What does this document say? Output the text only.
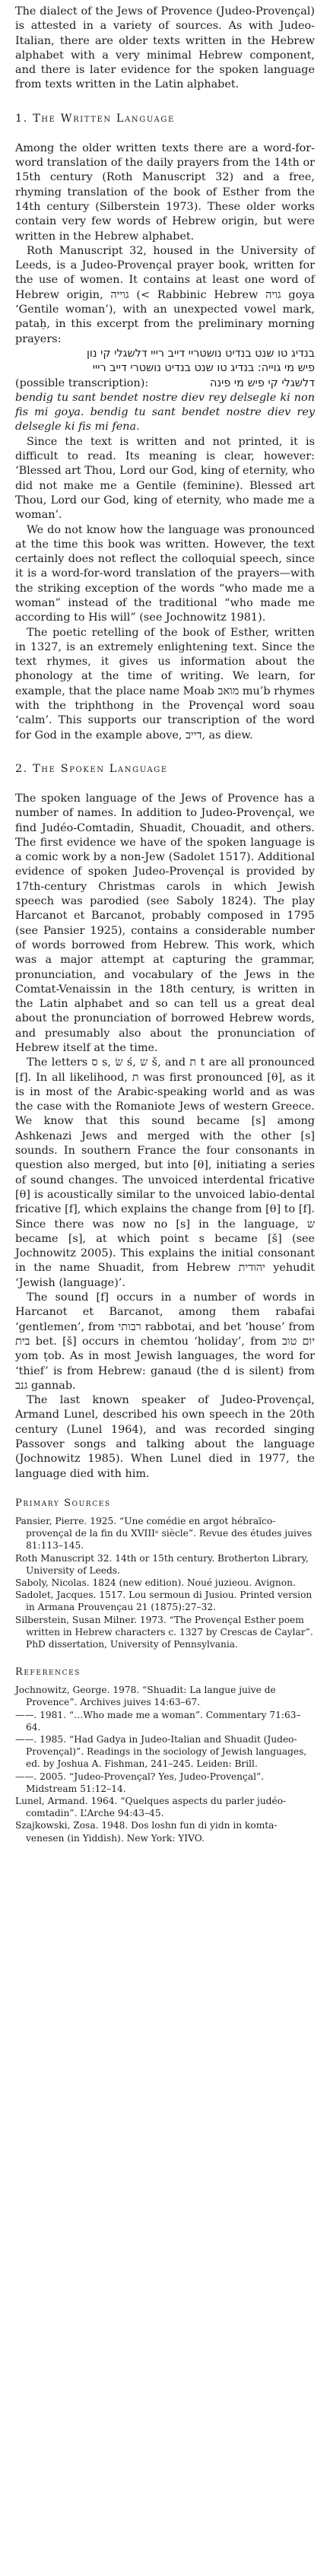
The dialect of the Jews of Provence (Judeo-Provençal) is attested in a variety of sources. As with Judeo-Italian, there are older texts written in the Hebrew alphabet with a very minimal Hebrew component, and there is later evidence for the spoken language from texts written in the Latin alphabet.

1. The Written Language

Among the older written texts there are a word-for-word translation of the daily prayers from the 14th or 15th century (Roth Manuscript 32) and a free, rhyming translation of the book of Esther from the 14th century (Silberstein 1973). These older works contain very few words of Hebrew origin, but were written in the Hebrew alphabet.

Roth Manuscript 32, housed in the University of Leeds, is a Judeo-Provençal prayer book, written for the use of women. It contains at least one word of Hebrew origin, גוייה (< Rabbinic Hebrew גויה goya ‘Gentile woman’), with an unexpected vowel mark, pataḥ, in this excerpt from the preliminary morning prayers:

בנדיג טו שנט בנדיט נושטריי דייב רייי דלשגלי קי נון
פיש מי גוייה: בנדיג טו שנט בנדיט נושטרי דייב רייי
(possible transcription):	דלשגלי קי פיש מי פינה
bendig tu sant bendet nostre diev rey delsegle ki non fis mi goya. bendig tu sant bendet nostre diev rey delsegle ki fis mi fena.

Since the text is written and not printed, it is difficult to read. Its meaning is clear, however: ‘Blessed art Thou, Lord our God, king of eternity, who did not make me a Gentile (feminine). Blessed art Thou, Lord our God, king of eternity, who made me a woman’.

We do not know how the language was pronounced at the time this book was written. However, the text certainly does not reflect the colloquial speech, since it is a word-for-word translation of the prayers—with the striking exception of the words “who made me a woman” instead of the traditional “who made me according to His will” (see Jochnowitz 1981).

The poetic retelling of the book of Esther, written in 1327, is an extremely enlightening text. Since the text rhymes, it gives us information about the phonology at the time of writing. We learn, for example, that the place name Moab מואב mu’b rhymes with the triphthong in the Provençal word soau ‘calm’. This supports our transcription of the word for God in the example above, דייב, as diew.

2. The Spoken Language

The spoken language of the Jews of Provence has a number of names. In addition to Judeo-Provençal, we find Judéo-Comtadin, Shuadit, Chouadit, and others. The first evidence we have of the spoken language is a comic work by a non-Jew (Sadolet 1517). Additional evidence of spoken Judeo-Provençal is provided by 17th-century Christmas carols in which Jewish speech was parodied (see Saboly 1824). The play Harcanot et Barcanot, probably composed in 1795 (see Pansier 1925), contains a considerable number of words borrowed from Hebrew. This work, which was a major attempt at capturing the grammar, pronunciation, and vocabulary of the Jews in the Comtat-Venaissin in the 18th century, is written in the Latin alphabet and so can tell us a great deal about the pronunciation of borrowed Hebrew words, and presumably also about the pronunciation of Hebrew itself at the time.

The letters ס s, שׂ ś, ש š, and ת t are all pronounced [f]. In all likelihood, ת was first pronounced [θ], as it is in most of the Arabic-speaking world and as was the case with the Romaniote Jews of western Greece. We know that this sound became [s] among Ashkenazi Jews and merged with the other [s] sounds. In southern France the four consonants in question also merged, but into [θ], initiating a series of sound changes. The unvoiced interdental fricative [θ] is acoustically similar to the unvoiced labio-dental fricative [f], which explains the change from [θ] to [f]. Since there was now no [s] in the language, ש became [s], at which point s became [š] (see Jochnowitz 2005). This explains the initial consonant in the name Shuadit, from Hebrew יהודית yehudit ‘Jewish (language)’.

The sound [f] occurs in a number of words in Harcanot et Barcanot, among them rabafai ‘gentlemen’, from רבותי rabbotai, and bet ‘house’ from בית bet. [š] occurs in chemtou ‘holiday’, from יום טוב yom ṭob. As in most Jewish languages, the word for ‘thief’ is from Hebrew: ganaud (the d is silent) from גנב gannab.

The last known speaker of Judeo-Provençal, Armand Lunel, described his own speech in the 20th century (Lunel 1964), and was recorded singing Passover songs and talking about the language (Jochnowitz 1985). When Lunel died in 1977, the language died with him.

Primary Sources

Pansier, Pierre. 1925. “Une comédie en argot hébraïco-provençal de la fin du XVIIIᵉ siècle”. Revue des études juives 81:113–145.

Roth Manuscript 32. 14th or 15th century. Brotherton Library, University of Leeds.

Saboly, Nicolas. 1824 (new edition). Noué juzieou. Avignon.

Sadolet, Jacques. 1517. Lou sermoun di Jusiou. Printed version in Armana Prouvençau 21 (1875):27–32.

Silberstein, Susan Milner. 1973. “The Provençal Esther poem written in Hebrew characters c. 1327 by Crescas de Caylar”. PhD dissertation, University of Pennsylvania.

References

Jochnowitz, George. 1978. “Shuadit: La langue juive de Provence”. Archives juives 14:63–67.

——. 1981. “…Who made me a woman”. Commentary 71:63–64.

——. 1985. “Had Gadya in Judeo-Italian and Shuadit (Judeo-Provençal)”. Readings in the sociology of Jewish languages, ed. by Joshua A. Fishman, 241–245. Leiden: Brill.

——. 2005. “Judeo-Provençal? Yes, Judeo-Provençal”. Midstream 51:12–14.

Lunel, Armand. 1964. “Quelques aspects du parler judéo-comtadin”. L’Arche 94:43–45.

Szajkowski, Zosa. 1948. Dos loshn fun di yidn in komta-venesen (in Yiddish). New York: YIVO.
